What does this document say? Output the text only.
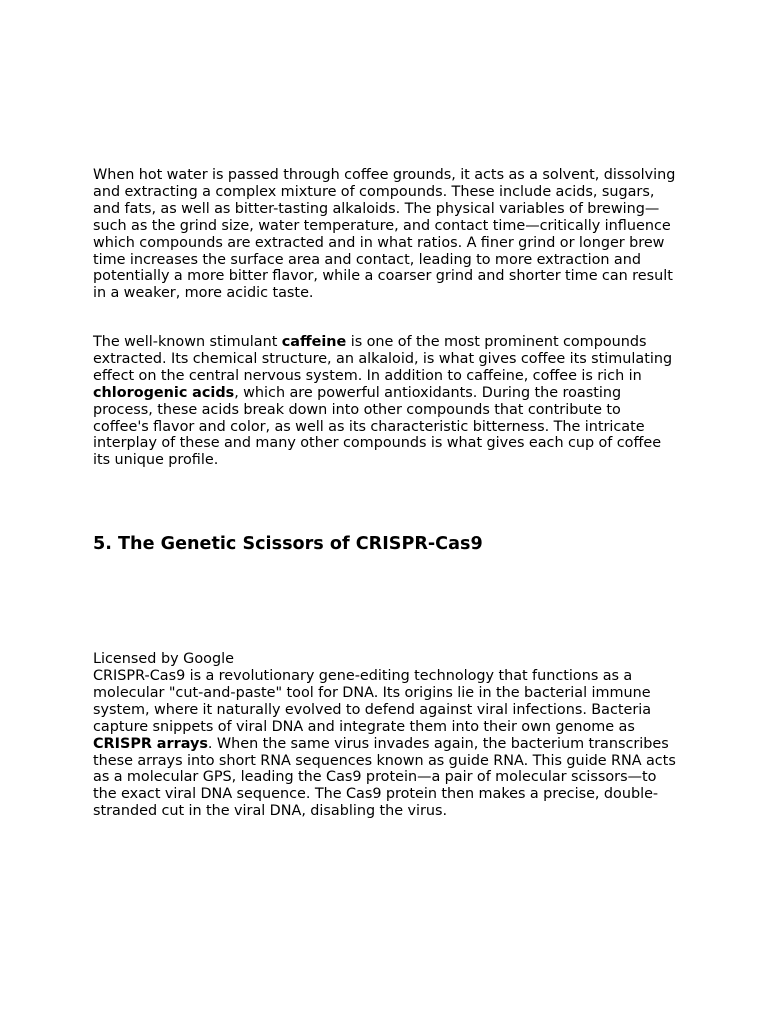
When hot water is passed through coffee grounds, it acts as a solvent, dissolving and extracting a complex mixture of compounds. These include acids, sugars, and fats, as well as bitter-tasting alkaloids. The physical variables of brewing—such as the grind size, water temperature, and contact time—critically influence which compounds are extracted and in what ratios. A finer grind or longer brew time increases the surface area and contact, leading to more extraction and potentially a more bitter flavor, while a coarser grind and shorter time can result in a weaker, more acidic taste.

The well-known stimulant caffeine is one of the most prominent compounds extracted. Its chemical structure, an alkaloid, is what gives coffee its stimulating effect on the central nervous system. In addition to caffeine, coffee is rich in chlorogenic acids, which are powerful antioxidants. During the roasting process, these acids break down into other compounds that contribute to coffee's flavor and color, as well as its characteristic bitterness. The intricate interplay of these and many other compounds is what gives each cup of coffee its unique profile.

5. The Genetic Scissors of CRISPR-Cas9

Licensed by Google

CRISPR-Cas9 is a revolutionary gene-editing technology that functions as a molecular "cut-and-paste" tool for DNA. Its origins lie in the bacterial immune system, where it naturally evolved to defend against viral infections. Bacteria capture snippets of viral DNA and integrate them into their own genome as CRISPR arrays. When the same virus invades again, the bacterium transcribes these arrays into short RNA sequences known as guide RNA. This guide RNA acts as a molecular GPS, leading the Cas9 protein—a pair of molecular scissors—to the exact viral DNA sequence. The Cas9 protein then makes a precise, double-stranded cut in the viral DNA, disabling the virus.
